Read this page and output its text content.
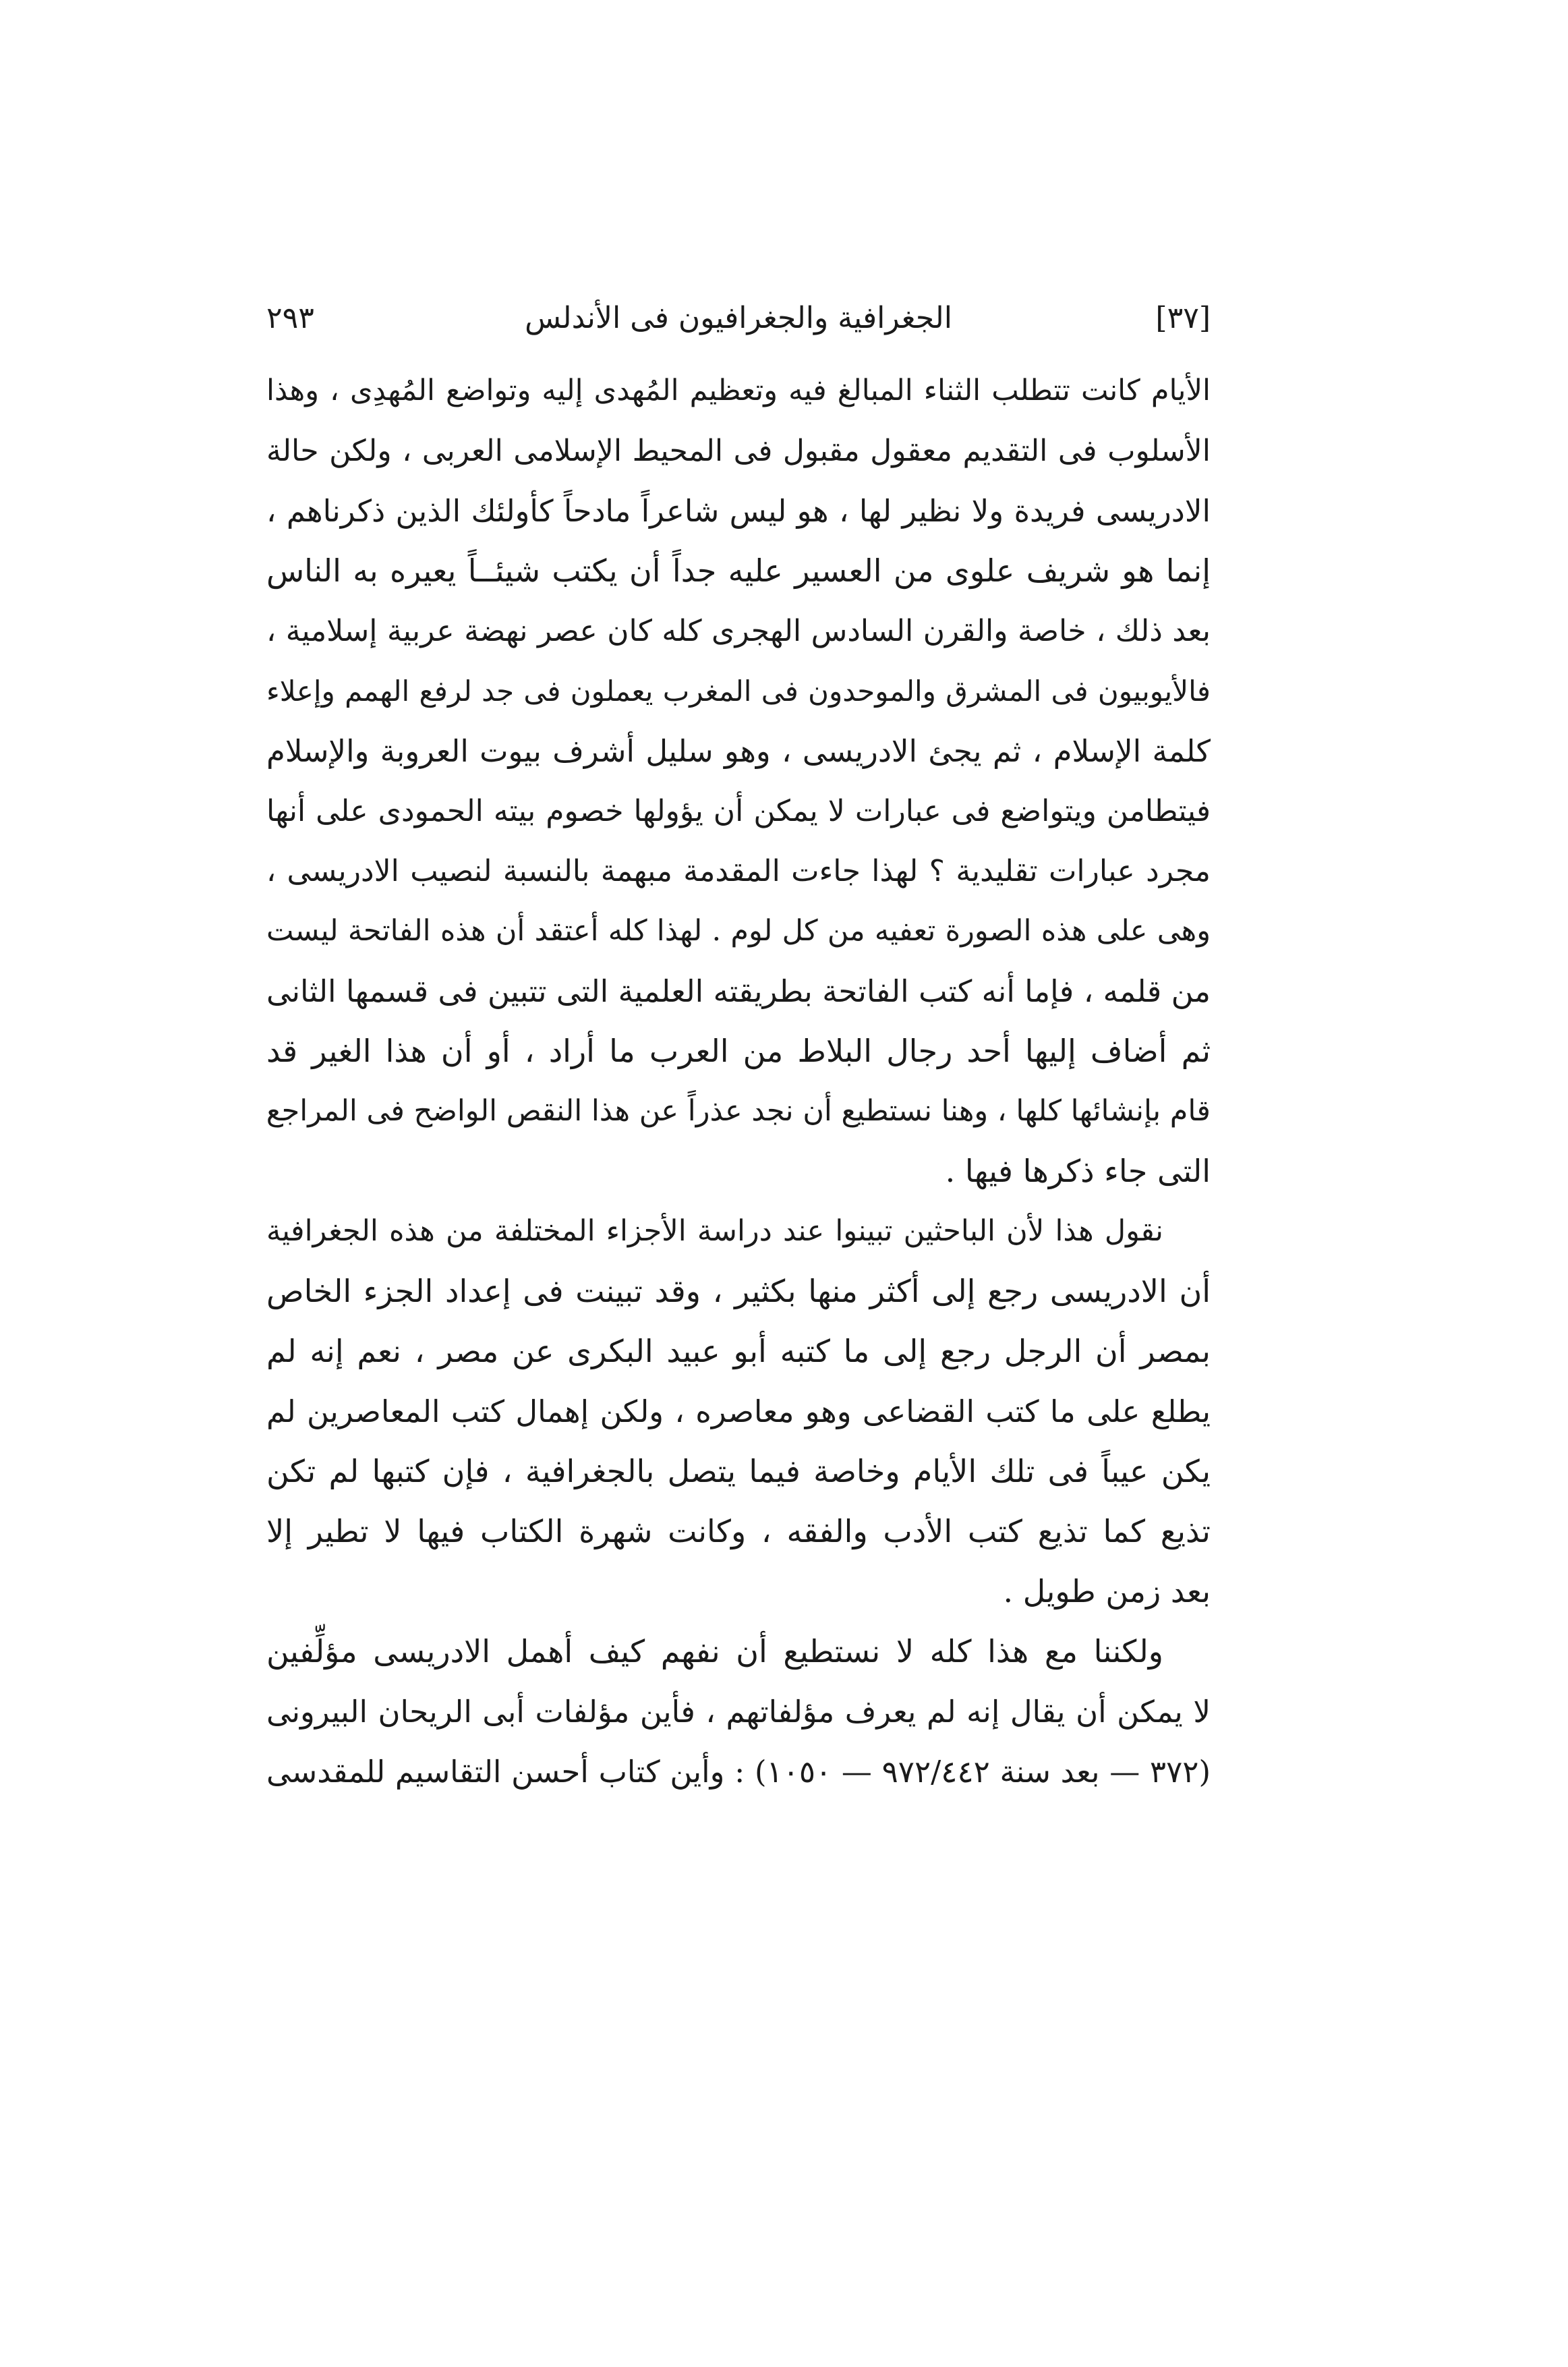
٢٩٣	الجغرافية والجغرافيون فى الأندلس	[٣٧]
الأيام كانت تتطلب الثناء المبالغ فيه وتعظيم المُهدى إليه وتواضع المُهدِى ، وهذا
الأسلوب فى التقديم معقول مقبول فى المحيط الإسلامى العربى ، ولكن حالة
الادريسى فريدة ولا نظير لها ، هو ليس شاعراً مادحاً كأولئك الذين ذكرناهم ،
إنما هو شريف علوى من العسير عليه جداً أن يكتب شيئــاً يعيره به الناس
بعد ذلك ، خاصة والقرن السادس الهجرى كله كان عصر نهضة عربية إسلامية ،
فالأيوبيون فى المشرق والموحدون فى المغرب يعملون فى جد لرفع الهمم وإعلاء
كلمة الإسلام ، ثم يجئ الادريسى ، وهو سليل أشرف بيوت العروبة والإسلام
فيتطامن ويتواضع فى عبارات لا يمكن أن يؤولها خصوم بيته الحمودى على أنها
مجرد عبارات تقليدية ؟ لهذا جاءت المقدمة مبهمة بالنسبة لنصيب الادريسى ،
وهى على هذه الصورة تعفيه من كل لوم . لهذا كله أعتقد أن هذه الفاتحة ليست
من قلمه ، فإما أنه كتب الفاتحة بطريقته العلمية التى تتبين فى قسمها الثانى
ثم أضاف إليها أحد رجال البلاط من العرب ما أراد ، أو أن هذا الغير قد
قام بإنشائها كلها ، وهنا نستطيع أن نجد عذراً عن هذا النقص الواضح فى المراجع
التى جاء ذكرها فيها .
نقول هذا لأن الباحثين تبينوا عند دراسة الأجزاء المختلفة من هذه الجغرافية
أن الادريسى رجع إلى أكثر منها بكثير ، وقد تبينت فى إعداد الجزء الخاص
بمصر أن الرجل رجع إلى ما كتبه أبو عبيد البكرى عن مصر ، نعم إنه لم
يطلع على ما كتب القضاعى وهو معاصره ، ولكن إهمال كتب المعاصرين لم
يكن عيباً فى تلك الأيام وخاصة فيما يتصل بالجغرافية ، فإن كتبها لم تكن
تذيع كما تذيع كتب الأدب والفقه ، وكانت شهرة الكتاب فيها لا تطير إلا
بعد زمن طويل .
ولكننا مع هذا كله لا نستطيع أن نفهم كيف أهمل الادريسى مؤلِّفين
لا يمكن أن يقال إنه لم يعرف مؤلفاتهم ، فأين مؤلفات أبى الريحان البيرونى
(٣٧٢ — بعد سنة ٩٧٢/٤٤٢ — ١٠٥٠) : وأين كتاب أحسن التقاسيم للمقدسى
